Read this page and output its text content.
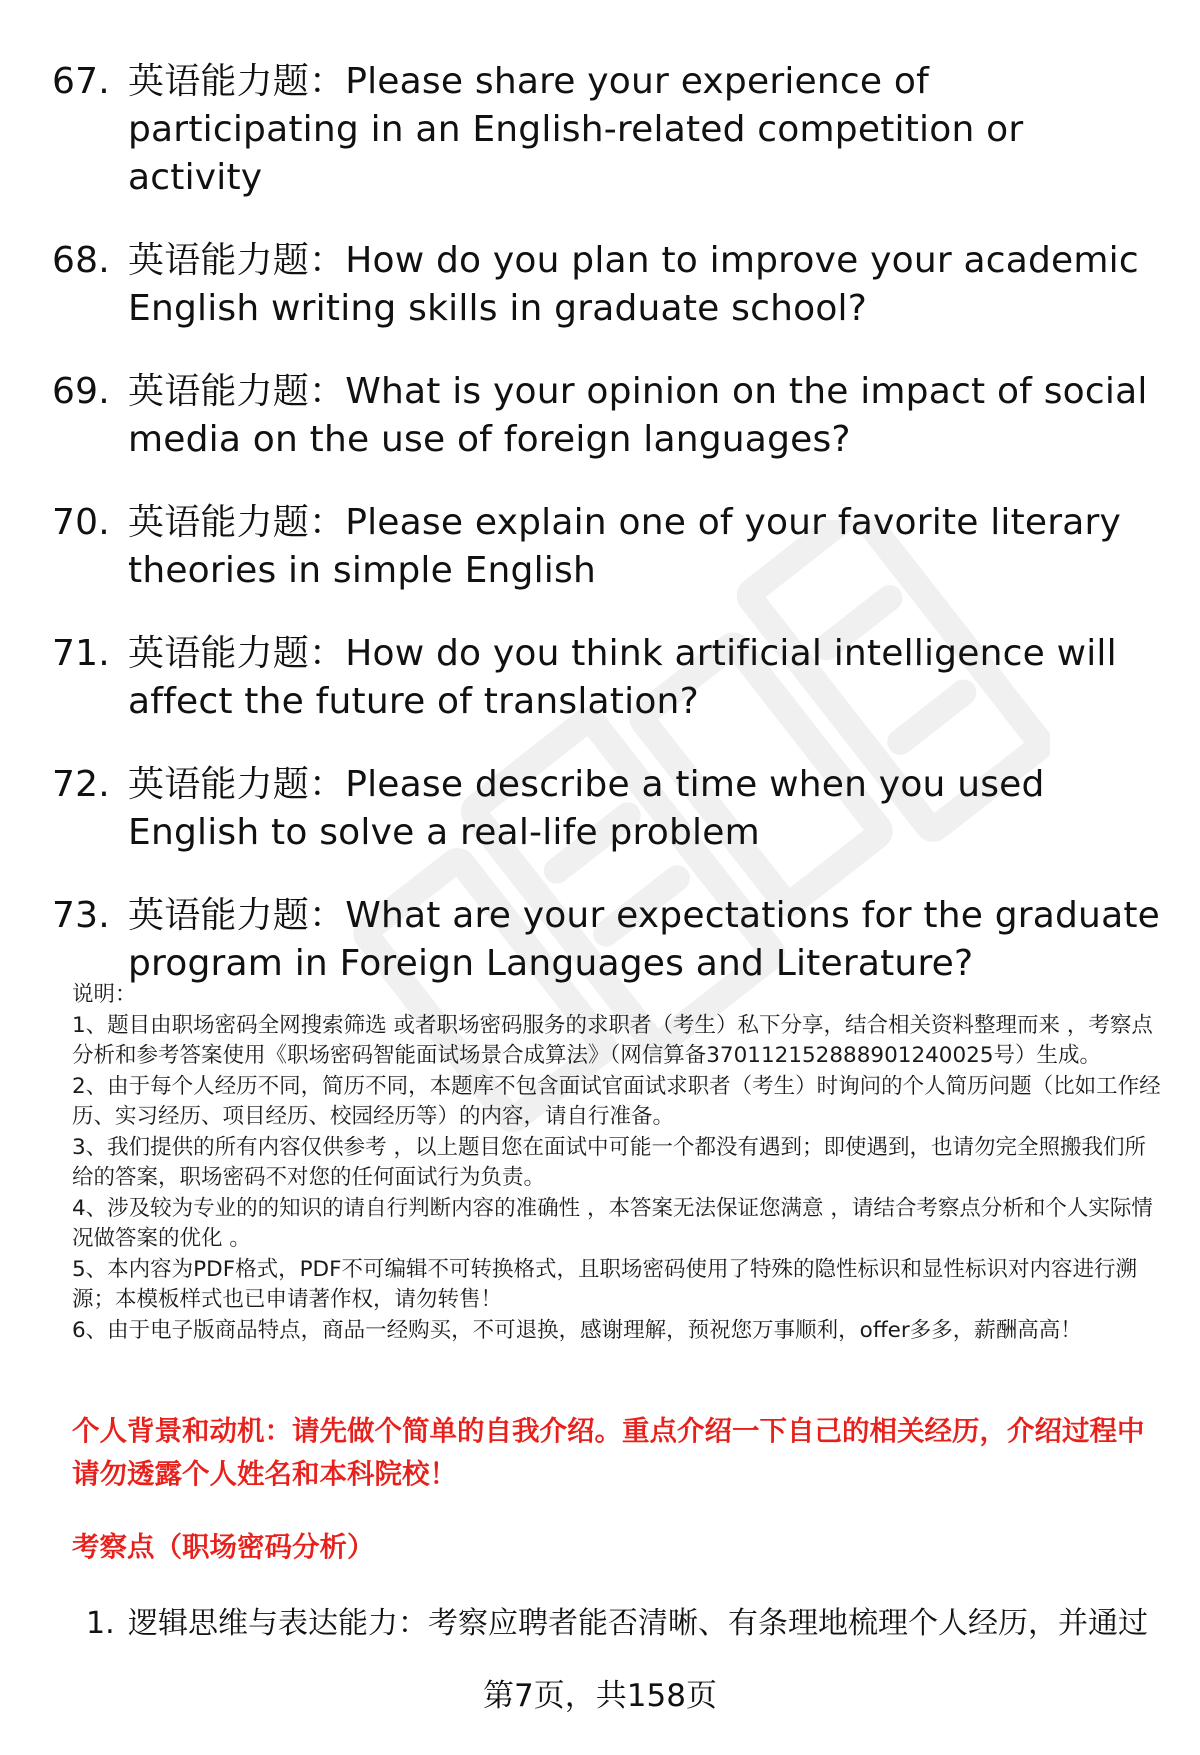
67. 英语能力题：Please share your experience of participating in an English-related competition or activity
68. 英语能力题：How do you plan to improve your academic English writing skills in graduate school?
69. 英语能力题：What is your opinion on the impact of social media on the use of foreign languages?
70. 英语能力题：Please explain one of your favorite literary theories in simple English
71. 英语能力题：How do you think artificial intelligence will affect the future of translation?
72. 英语能力题：Please describe a time when you used English to solve a real-life problem
73. 英语能力题：What are your expectations for the graduate program in Foreign Languages and Literature?

说明：

1、题目由职场密码全网搜索筛选 或者职场密码服务的求职者（考生）私下分享，结合相关资料整理而来 ，考察点分析和参考答案使用《职场密码智能面试场景合成算法》（网信算备370112152888901240025号）生成。

2、由于每个人经历不同，简历不同，本题库不包含面试官面试求职者（考生）时询问的个人简历问题（比如工作经历、实习经历、项目经历、校园经历等）的内容，请自行准备。

3、我们提供的所有内容仅供参考 ，以上题目您在面试中可能一个都没有遇到；即使遇到，也请勿完全照搬我们所给的答案，职场密码不对您的任何面试行为负责。

4、涉及较为专业的的知识的请自行判断内容的准确性 ，本答案无法保证您满意 ，请结合考察点分析和个人实际情况做答案的优化 。

5、本内容为PDF格式，PDF不可编辑不可转换格式，且职场密码使用了特殊的隐性标识和显性标识对内容进行溯源；本模板样式也已申请著作权，请勿转售！

6、由于电子版商品特点，商品一经购买，不可退换，感谢理解，预祝您万事顺利，offer多多，薪酬高高！

个人背景和动机：请先做个简单的自我介绍。重点介绍一下自己的相关经历，介绍过程中请勿透露个人姓名和本科院校！
考察点（职场密码分析）
1. 逻辑思维与表达能力：考察应聘者能否清晰、有条理地梳理个人经历，并通过
第7页，共158页
